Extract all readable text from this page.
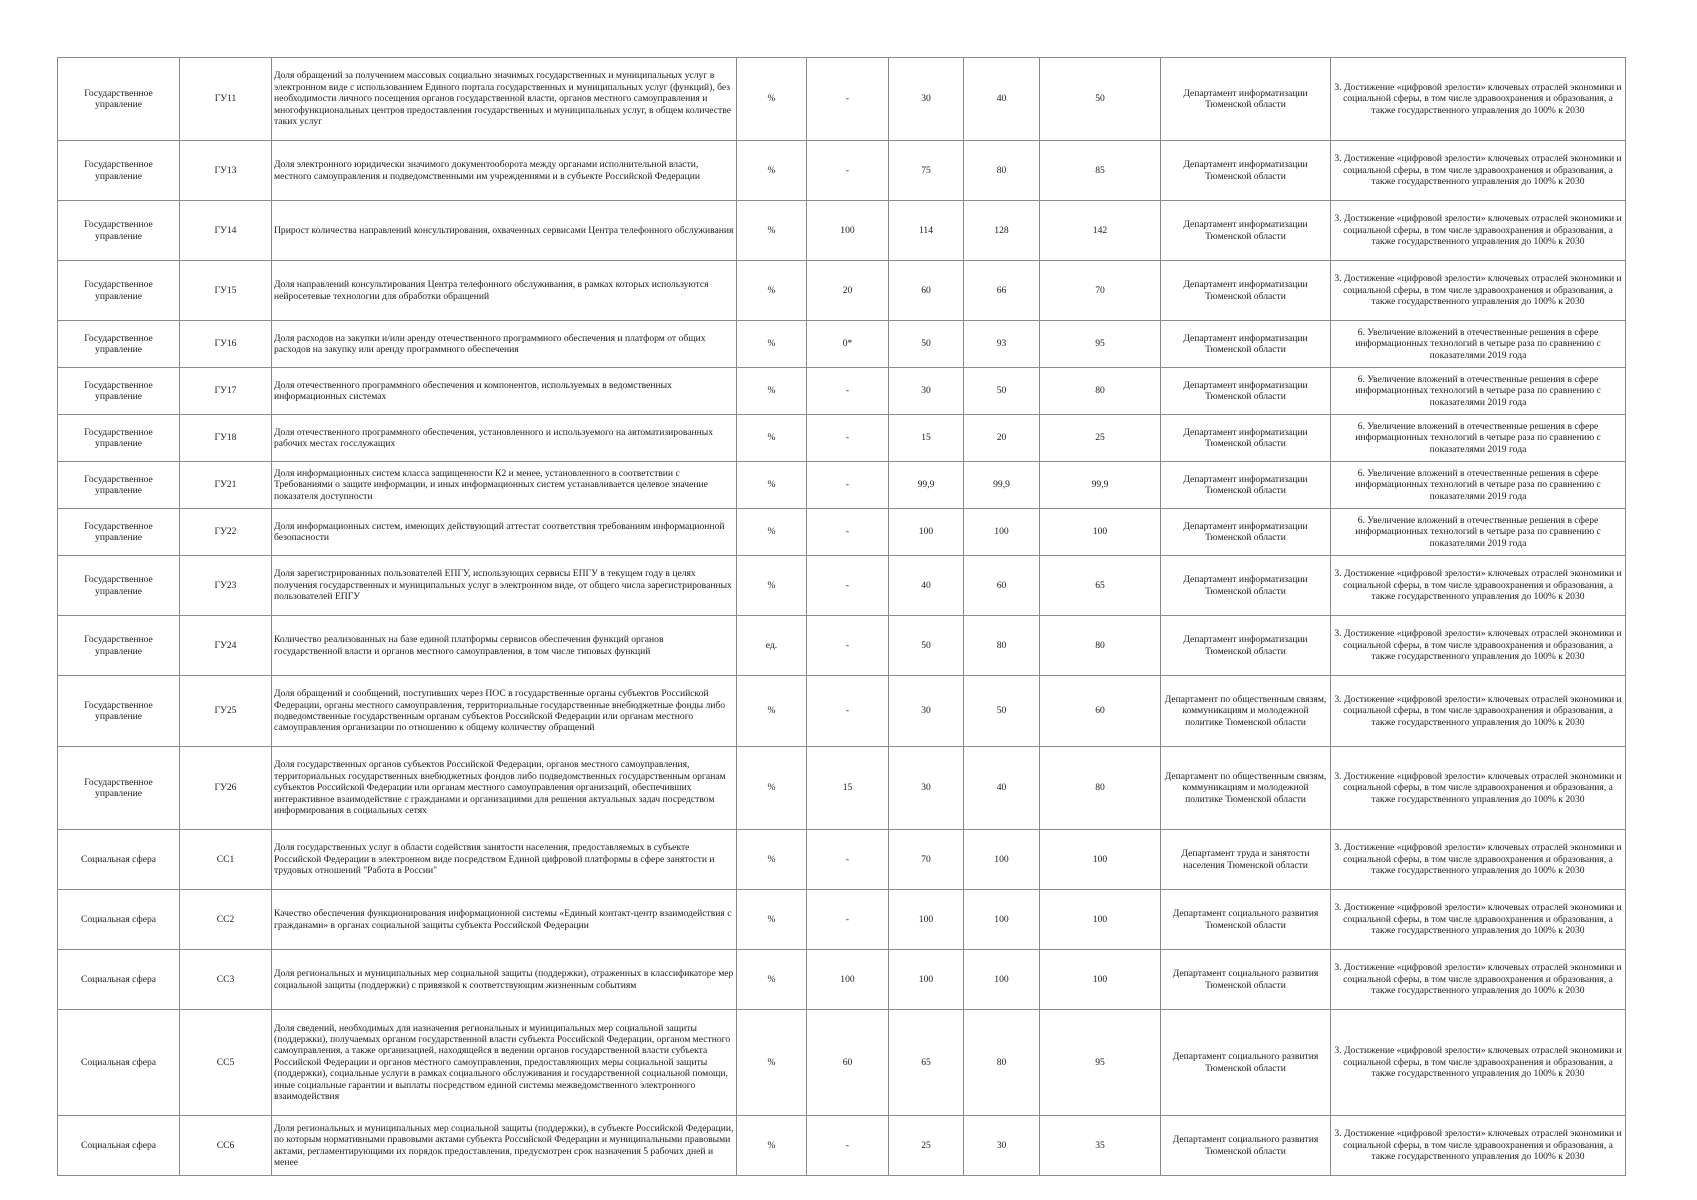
Государственное управление	ГУ11	Доля обращений за получением массовых социально значимых государственных и муниципальных услуг в электронном виде с использованием Единого портала государственных и муниципальных услуг (функций), без необходимости личного посещения органов государственной власти, органов местного самоуправления и многофункциональных центров предоставления государственных и муниципальных услуг, в общем количестве таких услуг	%	-	30	40	50	Департамент информатизации Тюменской области	3. Достижение «цифровой зрелости» ключевых отраслей экономики и социальной сферы, в том числе здравоохранения и образования, а также государственного управления до 100% к 2030
Государственное управление	ГУ13	Доля электронного юридически значимого документооборота между органами исполнительной власти, местного самоуправления и подведомственными им учреждениями и в субъекте Российской Федерации	%	-	75	80	85	Департамент информатизации Тюменской области	3. Достижение «цифровой зрелости» ключевых отраслей экономики и социальной сферы, в том числе здравоохранения и образования, а также государственного управления до 100% к 2030
Государственное управление	ГУ14	Прирост количества направлений консультирования, охваченных сервисами Центра телефонного обслуживания	%	100	114	128	142	Департамент информатизации Тюменской области	3. Достижение «цифровой зрелости» ключевых отраслей экономики и социальной сферы, в том числе здравоохранения и образования, а также государственного управления до 100% к 2030
Государственное управление	ГУ15	Доля направлений консультирования Центра телефонного обслуживания, в рамках которых используются нейросетевые технологии для обработки обращений	%	20	60	66	70	Департамент информатизации Тюменской области	3. Достижение «цифровой зрелости» ключевых отраслей экономики и социальной сферы, в том числе здравоохранения и образования, а также государственного управления до 100% к 2030
Государственное управление	ГУ16	Доля расходов на закупки и/или аренду отечественного программного обеспечения и платформ от общих расходов на закупку или аренду программного обеспечения	%	0*	50	93	95	Департамент информатизации Тюменской области	6. Увеличение вложений в отечественные решения в сфере информационных технологий в четыре раза по сравнению с показателями 2019 года
Государственное управление	ГУ17	Доля отечественного программного обеспечения и компонентов, используемых в ведомственных информационных системах	%	-	30	50	80	Департамент информатизации Тюменской области	6. Увеличение вложений в отечественные решения в сфере информационных технологий в четыре раза по сравнению с показателями 2019 года
Государственное управление	ГУ18	Доля отечественного программного обеспечения, установленного и используемого на автоматизированных рабочих местах госслужащих	%	-	15	20	25	Департамент информатизации Тюменской области	6. Увеличение вложений в отечественные решения в сфере информационных технологий в четыре раза по сравнению с показателями 2019 года
Государственное управление	ГУ21	Доля информационных систем класса защищенности К2 и менее, установленного в соответствии с Требованиями о защите информации, и иных информационных систем устанавливается целевое значение показателя доступности	%	-	99,9	99,9	99,9	Департамент информатизации Тюменской области	6. Увеличение вложений в отечественные решения в сфере информационных технологий в четыре раза по сравнению с показателями 2019 года
Государственное управление	ГУ22	Доля информационных систем, имеющих действующий аттестат соответствия требованиям информационной безопасности	%	-	100	100	100	Департамент информатизации Тюменской области	6. Увеличение вложений в отечественные решения в сфере информационных технологий в четыре раза по сравнению с показателями 2019 года
Государственное управление	ГУ23	Доля зарегистрированных пользователей ЕПГУ, использующих сервисы ЕПГУ в текущем году в целях получения государственных и муниципальных услуг в электронном виде, от общего числа зарегистрированных пользователей ЕПГУ	%	-	40	60	65	Департамент информатизации Тюменской области	3. Достижение «цифровой зрелости» ключевых отраслей экономики и социальной сферы, в том числе здравоохранения и образования, а также государственного управления до 100% к 2030
Государственное управление	ГУ24	Количество реализованных на базе единой платформы сервисов обеспечения функций органов государственной власти и органов местного самоуправления, в том числе типовых функций	ед.	-	50	80	80	Департамент информатизации Тюменской области	3. Достижение «цифровой зрелости» ключевых отраслей экономики и социальной сферы, в том числе здравоохранения и образования, а также государственного управления до 100% к 2030
Государственное управление	ГУ25	Доля обращений и сообщений, поступивших через ПОС в государственные органы субъектов Российской Федерации, органы местного самоуправления, территориальные государственные внебюджетные фонды либо подведомственные государственным органам субъектов Российской Федерации или органам местного самоуправления организации по отношению к общему количеству обращений	%	-	30	50	60	Департамент по общественным связям, коммуникациям и молодежной политике Тюменской области	3. Достижение «цифровой зрелости» ключевых отраслей экономики и социальной сферы, в том числе здравоохранения и образования, а также государственного управления до 100% к 2030
Государственное управление	ГУ26	Доля государственных органов субъектов Российской Федерации, органов местного самоуправления, территориальных государственных внебюджетных фондов либо подведомственных государственным органам субъектов Российской Федерации или органам местного самоуправления организаций, обеспечивших интерактивное взаимодействие с гражданами и организациями для решения актуальных задач посредством информирования в социальных сетях	%	15	30	40	80	Департамент по общественным связям, коммуникациям и молодежной политике Тюменской области	3. Достижение «цифровой зрелости» ключевых отраслей экономики и социальной сферы, в том числе здравоохранения и образования, а также государственного управления до 100% к 2030
Социальная сфера	СС1	Доля государственных услуг в области содействия занятости населения, предоставляемых в субъекте Российской Федерации в электронном виде посредством Единой цифровой платформы в сфере занятости и трудовых отношений "Работа в России"	%	-	70	100	100	Департамент труда и занятости населения Тюменской области	3. Достижение «цифровой зрелости» ключевых отраслей экономики и социальной сферы, в том числе здравоохранения и образования, а также государственного управления до 100% к 2030
Социальная сфера	СС2	Качество обеспечения функционирования информационной системы «Единый контакт-центр взаимодействия с гражданами» в органах социальной защиты субъекта Российской Федерации	%	-	100	100	100	Департамент социального развития Тюменской области	3. Достижение «цифровой зрелости» ключевых отраслей экономики и социальной сферы, в том числе здравоохранения и образования, а также государственного управления до 100% к 2030
Социальная сфера	СС3	Доля региональных и муниципальных мер социальной защиты (поддержки), отраженных в классификаторе мер социальной защиты (поддержки) с привязкой к соответствующим жизненным событиям	%	100	100	100	100	Департамент социального развития Тюменской области	3. Достижение «цифровой зрелости» ключевых отраслей экономики и социальной сферы, в том числе здравоохранения и образования, а также государственного управления до 100% к 2030
Социальная сфера	СС5	Доля сведений, необходимых для назначения региональных и муниципальных мер социальной защиты (поддержки), получаемых органом государственной власти субъекта Российской Федерации, органом местного самоуправления, а также организацией, находящейся в ведении органов государственной власти субъекта Российской Федерации и органов местного самоуправления, предоставляющих меры социальной защиты (поддержки), социальные услуги в рамках социального обслуживания и государственной социальной помощи, иные социальные гарантии и выплаты посредством единой системы межведомственного электронного взаимодействия	%	60	65	80	95	Департамент социального развития Тюменской области	3. Достижение «цифровой зрелости» ключевых отраслей экономики и социальной сферы, в том числе здравоохранения и образования, а также государственного управления до 100% к 2030
Социальная сфера	СС6	Доля региональных и муниципальных мер социальной защиты (поддержки), в субъекте Российской Федерации, по которым нормативными правовыми актами субъекта Российской Федерации и муниципальными правовыми актами, регламентирующими их порядок предоставления, предусмотрен срок назначения 5 рабочих дней и менее	%	-	25	30	35	Департамент социального развития Тюменской области	3. Достижение «цифровой зрелости» ключевых отраслей экономики и социальной сферы, в том числе здравоохранения и образования, а также государственного управления до 100% к 2030
